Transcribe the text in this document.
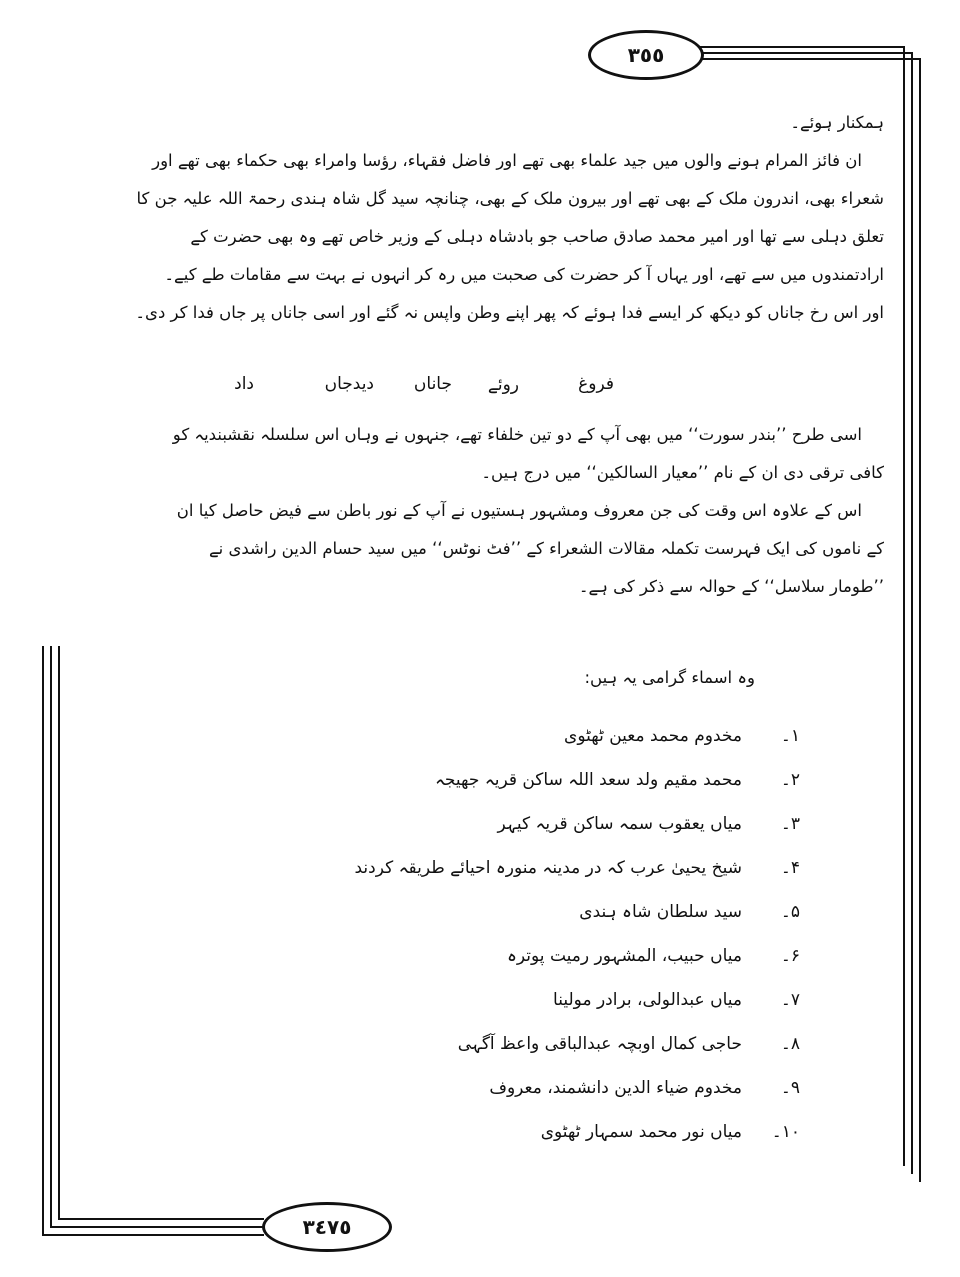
٣٥٥
٣٤٧٥
ہمکنار ہوئے۔
ان فائز المرام ہونے والوں میں جید علماء بھی تھے اور فاضل فقہاء، رؤسا وامراء بھی حکماء بھی تھے اور
شعراء بھی، اندرون ملک کے بھی تھے اور بیرون ملک کے بھی، چنانچہ سید گل شاہ ہندی رحمۃ اللہ علیہ جن کا
تعلق دہلی سے تھا اور امیر محمد صادق صاحب جو بادشاہ دہلی کے وزیر خاص تھے وہ بھی حضرت کے
ارادتمندوں میں سے تھے، اور یہاں آ کر حضرت کی صحبت میں رہ کر انہوں نے بہت سے مقامات طے کیے۔
اور اس رخ جاناں کو دیکھ کر ایسے فدا ہوئے کہ پھر اپنے وطن واپس نہ گئے اور اسی جاناں پر جاں فدا کر دی۔
فروغ
روئے
جاناں
دیدجاں
داد
اسی طرح ’’بندر سورت‘‘ میں بھی آپ کے دو تین خلفاء تھے، جنہوں نے وہاں اس سلسلہ نقشبندیہ کو
کافی ترقی دی ان کے نام ’’معیار السالکین‘‘ میں درج ہیں۔
اس کے علاوہ اس وقت کی جن معروف ومشہور ہستیوں نے آپ کے نور باطن سے فیض حاصل کیا ان
کے ناموں کی ایک فہرست تکملہ مقالات الشعراء کے ’’فٹ نوٹس‘‘ میں سید حسام الدین راشدی نے
’’طومار سلاسل‘‘ کے حوالہ سے ذکر کی ہے۔
وہ اسماء گرامی یہ ہیں:
۱۔مخدوم محمد معین ٹھٹوی
۲۔محمد مقیم ولد سعد اللہ ساکن قریہ جھیجہ
۳۔میاں یعقوب سمہ ساکن قریہ کیہر
۴۔شیخ یحییٰ عرب کہ در مدینہ منورہ احیائے طریقہ کردند
۵۔سید سلطان شاہ ہندی
۶۔میاں حبیب، المشہور رمیت پوترہ
۷۔میاں عبدالولی، برادر مولینا
۸۔حاجی کمال اوبچہ عبدالباقی واعظ آگہی
۹۔مخدوم ضیاء الدین دانشمند، معروف
۱۰۔میاں نور محمد سمہار ٹھٹوی
